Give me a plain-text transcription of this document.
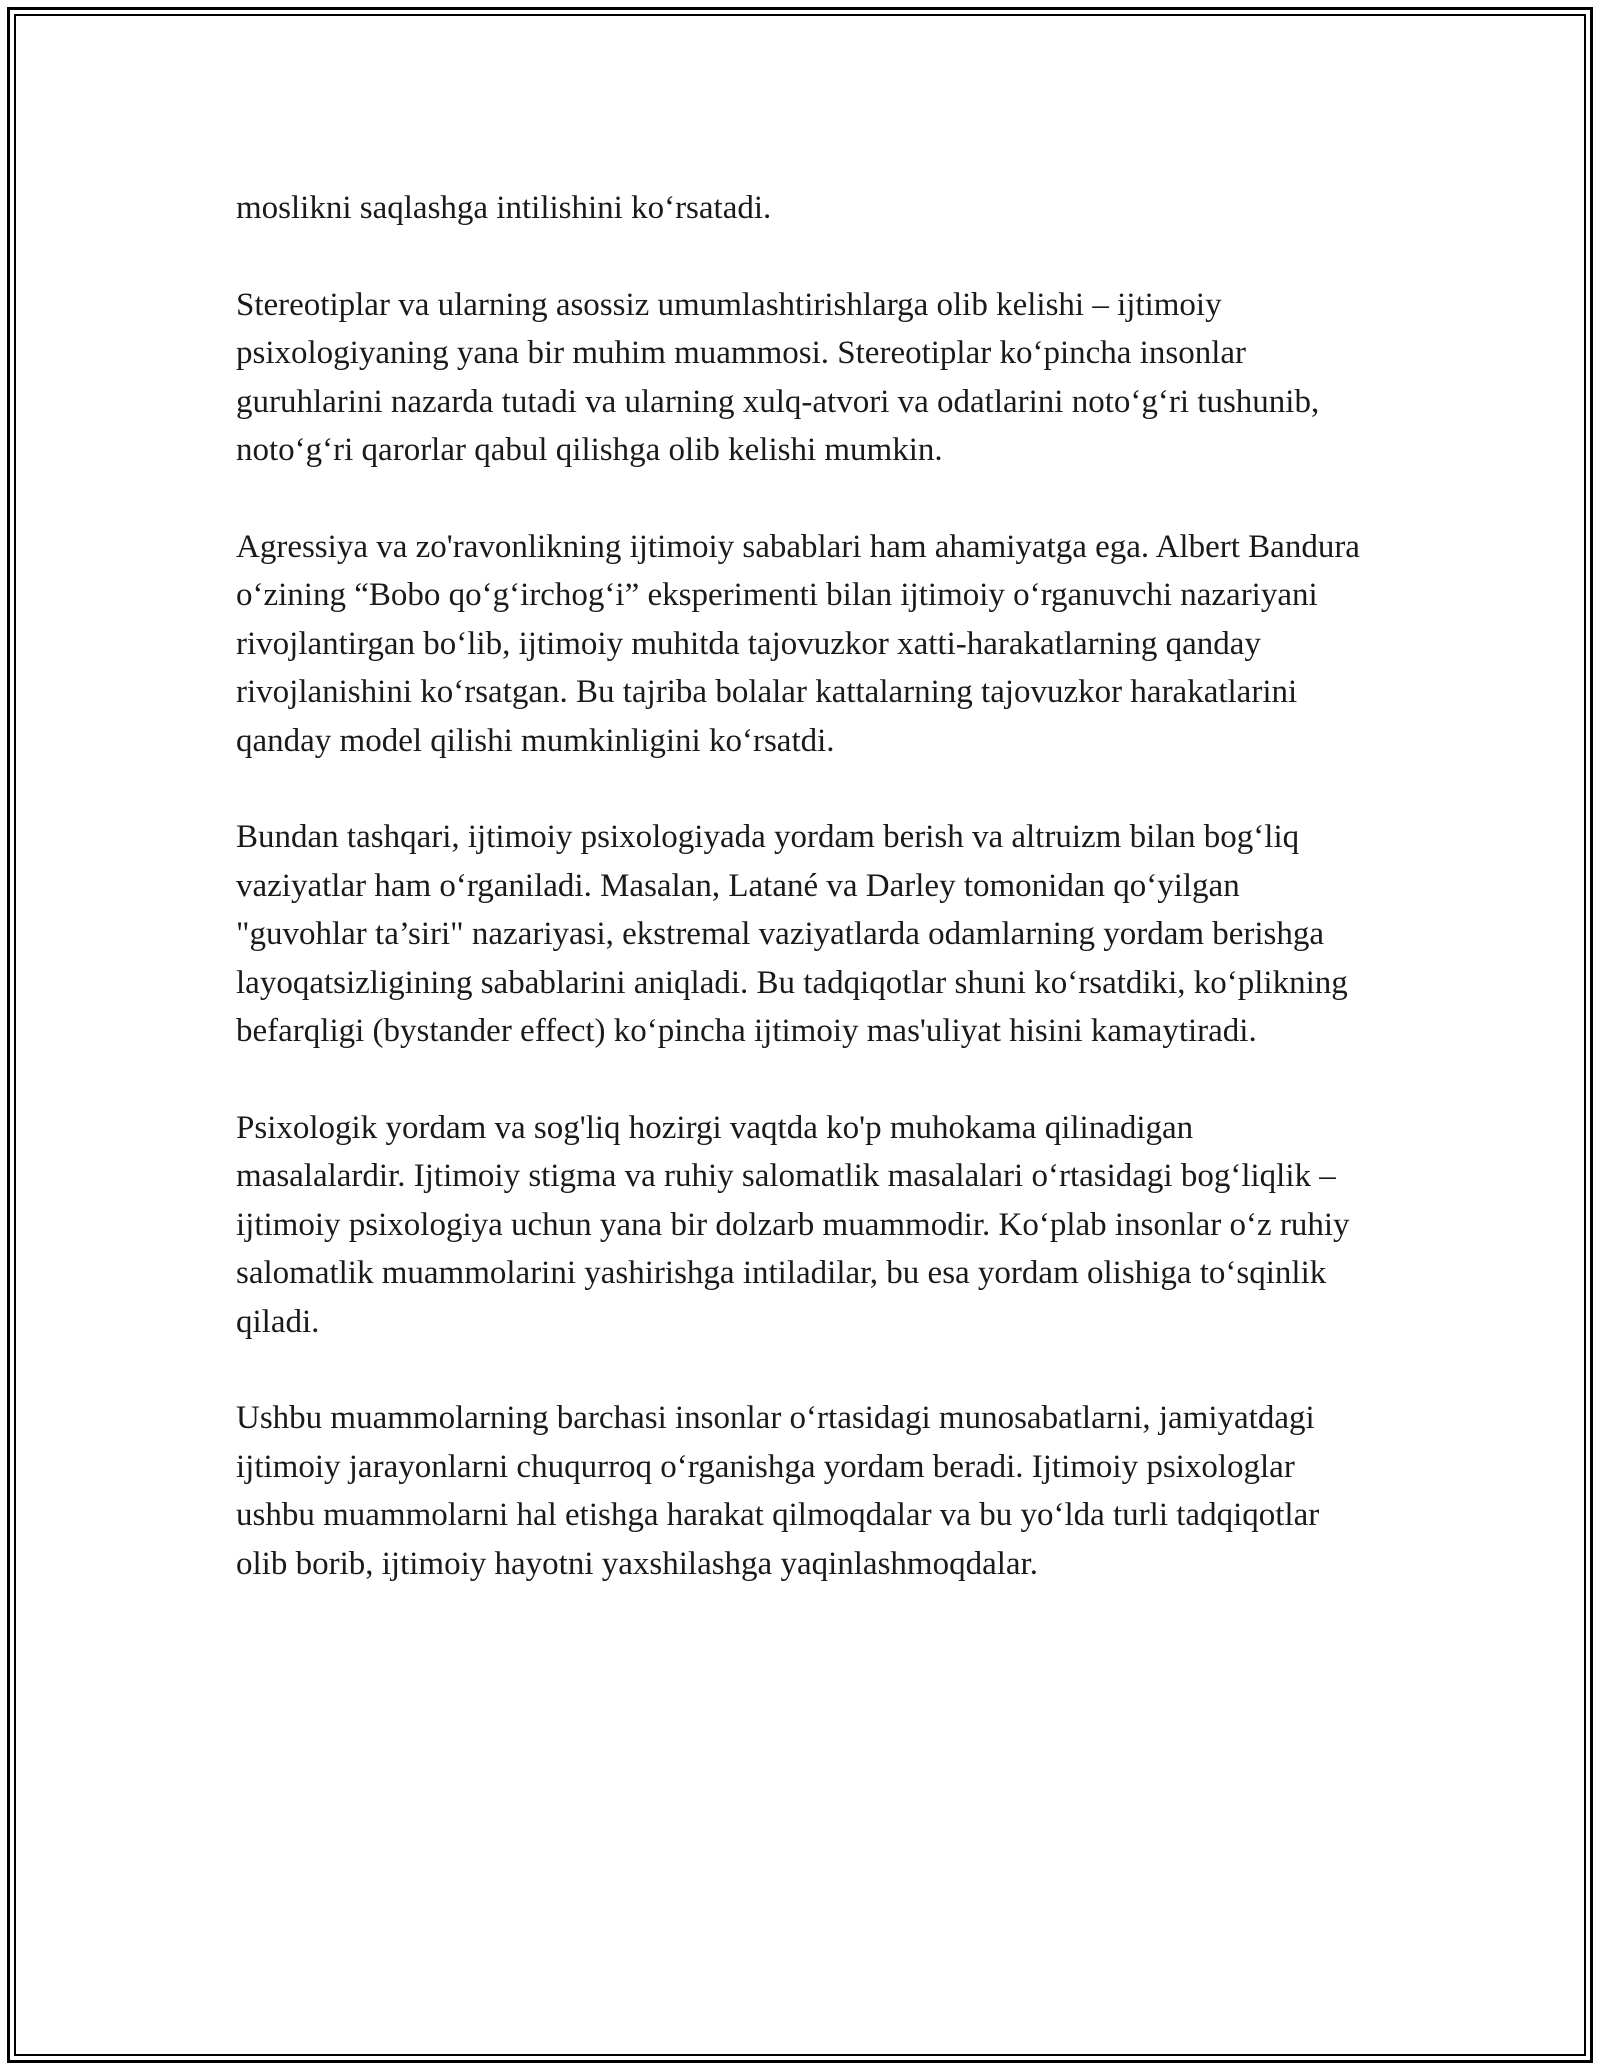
moslikni saqlashga intilishini ko‘rsatadi.

Stereotiplar va ularning asossiz umumlashtirishlarga olib kelishi – ijtimoiy psixologiyaning yana bir muhim muammosi. Stereotiplar ko‘pincha insonlar guruhlarini nazarda tutadi va ularning xulq-atvori va odatlarini noto‘g‘ri tushunib, noto‘g‘ri qarorlar qabul qilishga olib kelishi mumkin.

Agressiya va zo'ravonlikning ijtimoiy sabablari ham ahamiyatga ega. Albert Bandura o‘zining “Bobo qo‘g‘irchog‘i” eksperimenti bilan ijtimoiy o‘rganuvchi nazariyani rivojlantirgan bo‘lib, ijtimoiy muhitda tajovuzkor xatti-harakatlarning qanday rivojlanishini ko‘rsatgan. Bu tajriba bolalar kattalarning tajovuzkor harakatlarini qanday model qilishi mumkinligini ko‘rsatdi.

Bundan tashqari, ijtimoiy psixologiyada yordam berish va altruizm bilan bog‘liq vaziyatlar ham o‘rganiladi. Masalan, Latané va Darley tomonidan qo‘yilgan "guvohlar ta’siri" nazariyasi, ekstremal vaziyatlarda odamlarning yordam berishga layoqatsizligining sabablarini aniqladi. Bu tadqiqotlar shuni ko‘rsatdiki, ko‘plikning befarqligi (bystander effect) ko‘pincha ijtimoiy mas'uliyat hisini kamaytiradi.

Psixologik yordam va sog'liq hozirgi vaqtda ko'p muhokama qilinadigan masalalardir. Ijtimoiy stigma va ruhiy salomatlik masalalari o‘rtasidagi bog‘liqlik – ijtimoiy psixologiya uchun yana bir dolzarb muammodir. Ko‘plab insonlar o‘z ruhiy salomatlik muammolarini yashirishga intiladilar, bu esa yordam olishiga to‘sqinlik qiladi.

Ushbu muammolarning barchasi insonlar o‘rtasidagi munosabatlarni, jamiyatdagi ijtimoiy jarayonlarni chuqurroq o‘rganishga yordam beradi. Ijtimoiy psixologlar ushbu muammolarni hal etishga harakat qilmoqdalar va bu yo‘lda turli tadqiqotlar olib borib, ijtimoiy hayotni yaxshilashga yaqinlashmoqdalar.
